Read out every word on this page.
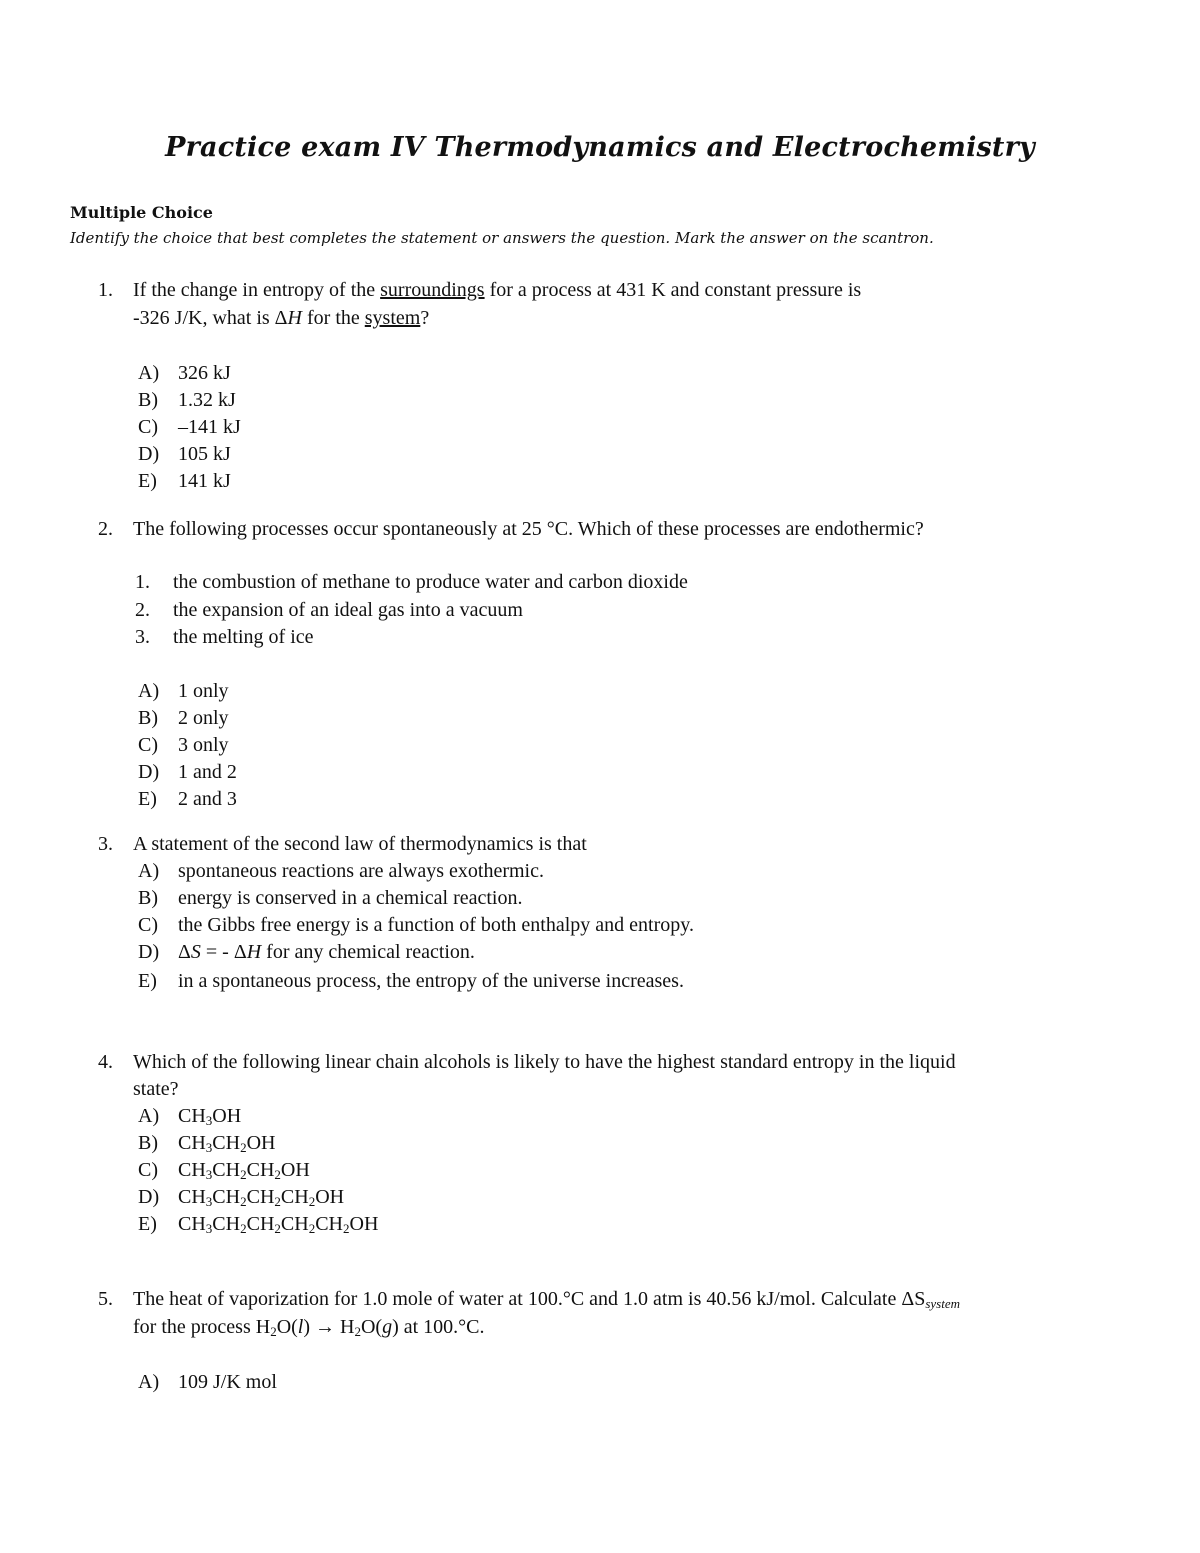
Practice exam IV Thermodynamics and Electrochemistry
Multiple Choice
Identify the choice that best completes the statement or answers the question. Mark the answer on the scantron.
1. If the change in entropy of the surroundings for a process at 431 K and constant pressure is
-326 J/K, what is ΔH for the system?
A) 326 kJ
B) 1.32 kJ
C) –141 kJ
D) 105 kJ
E) 141 kJ
2. The following processes occur spontaneously at 25 °C. Which of these processes are endothermic?
1. the combustion of methane to produce water and carbon dioxide
2. the expansion of an ideal gas into a vacuum
3. the melting of ice
A) 1 only
B) 2 only
C) 3 only
D) 1 and 2
E) 2 and 3
3. A statement of the second law of thermodynamics is that
A) spontaneous reactions are always exothermic.
B) energy is conserved in a chemical reaction.
C) the Gibbs free energy is a function of both enthalpy and entropy.
D) ΔS = - ΔH for any chemical reaction.
E) in a spontaneous process, the entropy of the universe increases.
4. Which of the following linear chain alcohols is likely to have the highest standard entropy in the liquid
state?
A) $CH_3OH$
B) $CH_3CH_2OH$
C) $CH_3CH_2CH_2OH$
D) $CH_3CH_2CH_2CH_2OH$
E) $CH_3CH_2CH_2CH_2CH_2OH$
5. The heat of vaporization for 1.0 mole of water at 100.°C and 1.0 atm is 40.56 kJ/mol. Calculate $\Delta S_{system}$
for the process $H_2O(l) \to H_2O(g)$ at 100.°C.
A) 109 J/K mol
